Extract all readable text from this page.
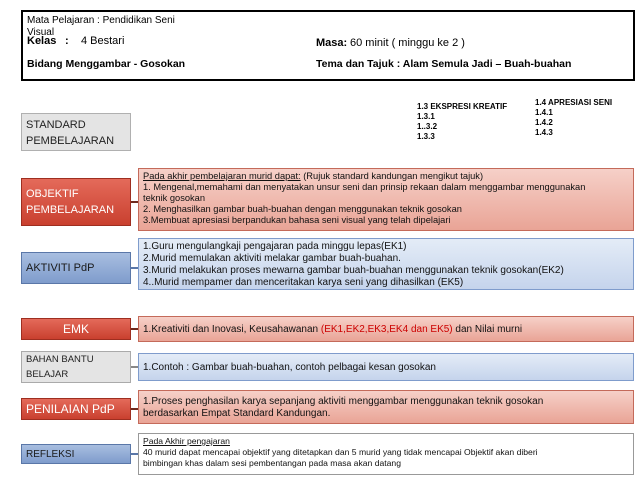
Mata Pelajaran : Pendidikan Seni
Visual
Kelas : 4 Bestari
Bidang Menggambar - Gosokan
Masa: 60 minit ( minggu ke 2 )
Tema dan Tajuk : Alam Semula Jadi – Buah-buahan
STANDARD
PEMBELAJARAN
1.3 EKSPRESI KREATIF
1.3.1
1..3.2
1.3.3
1.4 APRESIASI SENI
1.4.1
1.4.2
1.4.3
OBJEKTIF
PEMBELAJARAN
Pada akhir pembelajaran murid dapat: (Rujuk standard kandungan mengikut tajuk)
1. Mengenal,memahami dan menyatakan unsur seni dan prinsip rekaan dalam menggambar menggunakan
teknik gosokan
2. Menghasilkan gambar buah-buahan dengan menggunakan teknik gosokan
3.Membuat apresiasi berpandukan bahasa seni visual yang telah dipelajari
AKTIVITI PdP
1.Guru mengulangkaji pengajaran pada minggu lepas(EK1)
2.Murid memulakan aktiviti melakar gambar buah-buahan.
3.Murid melakukan proses mewarna gambar buah-buahan menggunakan teknik gosokan(EK2)
4..Murid mempamer dan menceritakan karya seni yang dihasilkan (EK5)
EMK	1.Kreativiti dan Inovasi, Keusahawanan (EK1,EK2,EK3,EK4 dan EK5) dan Nilai murni
BAHAN BANTU
BELAJAR
1.Contoh : Gambar buah-buahan, contoh pelbagai kesan gosokan
PENILAIAN PdP
1.Proses penghasilan karya sepanjang aktiviti menggambar menggunakan teknik gosokan
berdasarkan Empat Standard Kandungan.
REFLEKSI
Pada Akhir pengajaran
40 murid dapat mencapai objektif yang ditetapkan dan 5 murid yang tidak mencapai Objektif akan diberi
bimbingan khas dalam sesi pembentangan pada masa akan datang
